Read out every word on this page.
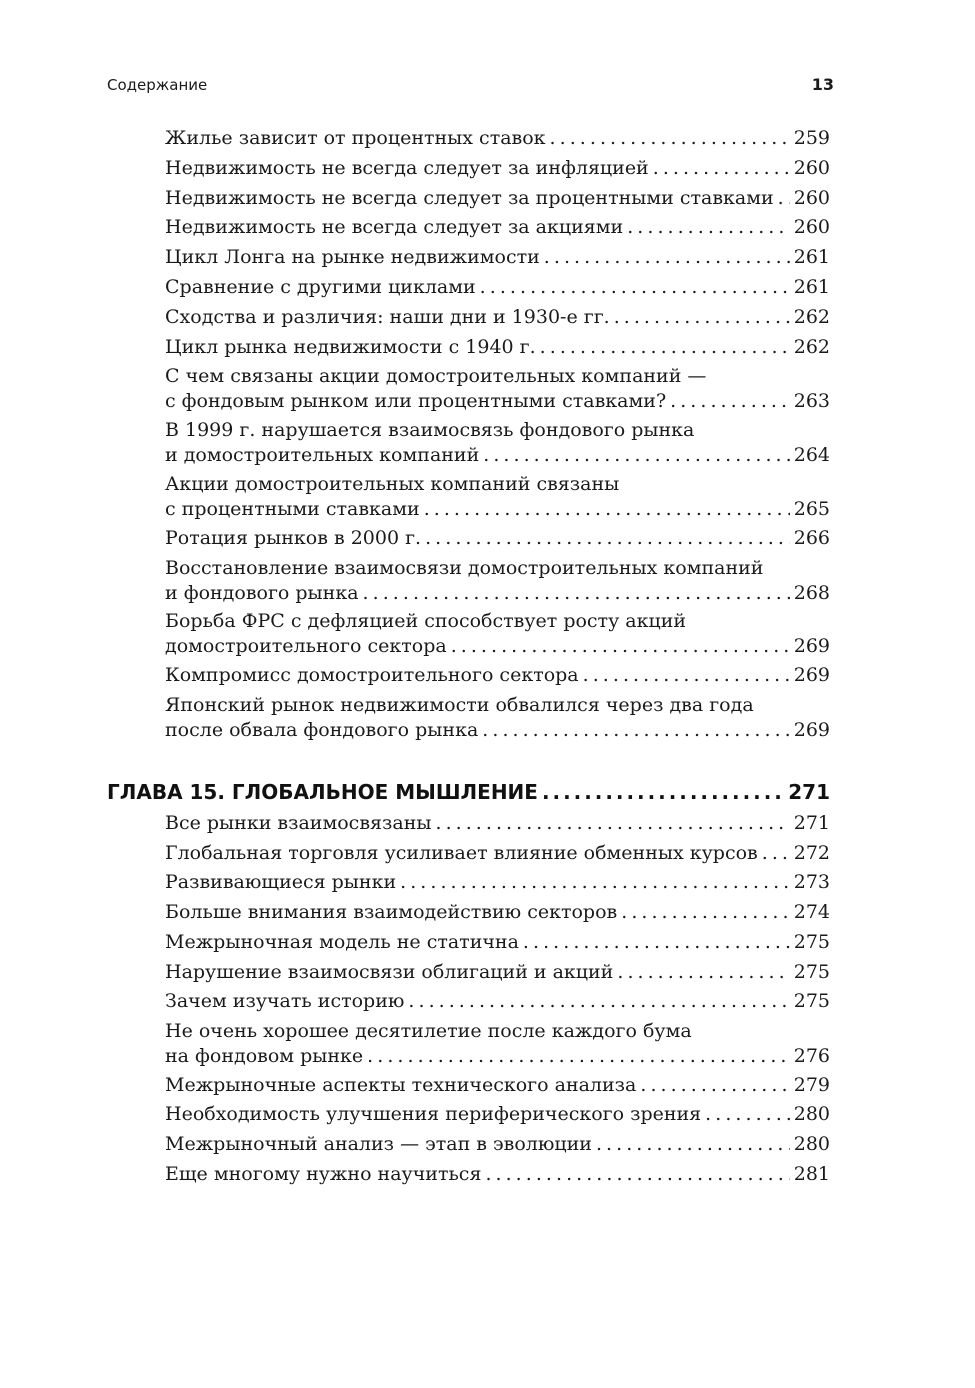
Содержание	13
ГЛАВА 15. ГЛОБАЛЬНОЕ МЫШЛЕНИЕ . . .	271
Жилье зависит от процентных ставок . . .	259
Недвижимость не всегда следует за инфляцией . . .	260
Недвижимость не всегда следует за процентными ставками . . . 260
Недвижимость не всегда следует за акциями . . .	260
Цикл Лонга на рынке недвижимости . . .	261
Сравнение с другими циклами . . .	261
Сходства и различия: наши дни и 1930-е гг. . . .	262
Цикл рынка недвижимости с 1940 г. . . .	262
С чем связаны акции домостроительных компаний —
с фондовым рынком или процентными ставками? . . .	263
В 1999 г. нарушается взаимосвязь фондового рынка
и домостроительных компаний . . .	264
Акции домостроительных компаний связаны
с процентными ставками . . .	265
Ротация рынков в 2000 г. . . .	266
Восстановление взаимосвязи домостроительных компаний
и фондового рынка . . .	268
Борьба ФРС с дефляцией способствует росту акций
домостроительного сектора . . .	269
Компромисс домостроительного сектора . . .	269
Японский рынок недвижимости обвалился через два года
после обвала фондового рынка . . .	269
Все рынки взаимосвязаны . . .	271
Глобальная торговля усиливает влияние обменных курсов . . . 272
Развивающиеся рынки . . .	273
Больше внимания взаимодействию секторов . . .	274
Межрыночная модель не статична . . .	275
Нарушение взаимосвязи облигаций и акций . . .	275
Зачем изучать историю . . .	275
Не очень хорошее десятилетие после каждого бума
на фондовом рынке . . .	276
Межрыночные аспекты технического анализа . . .	279
Необходимость улучшения периферического зрения . . .	280
Межрыночный анализ — этап в эволюции . . .	280
Еще многому нужно научиться . . .	281
